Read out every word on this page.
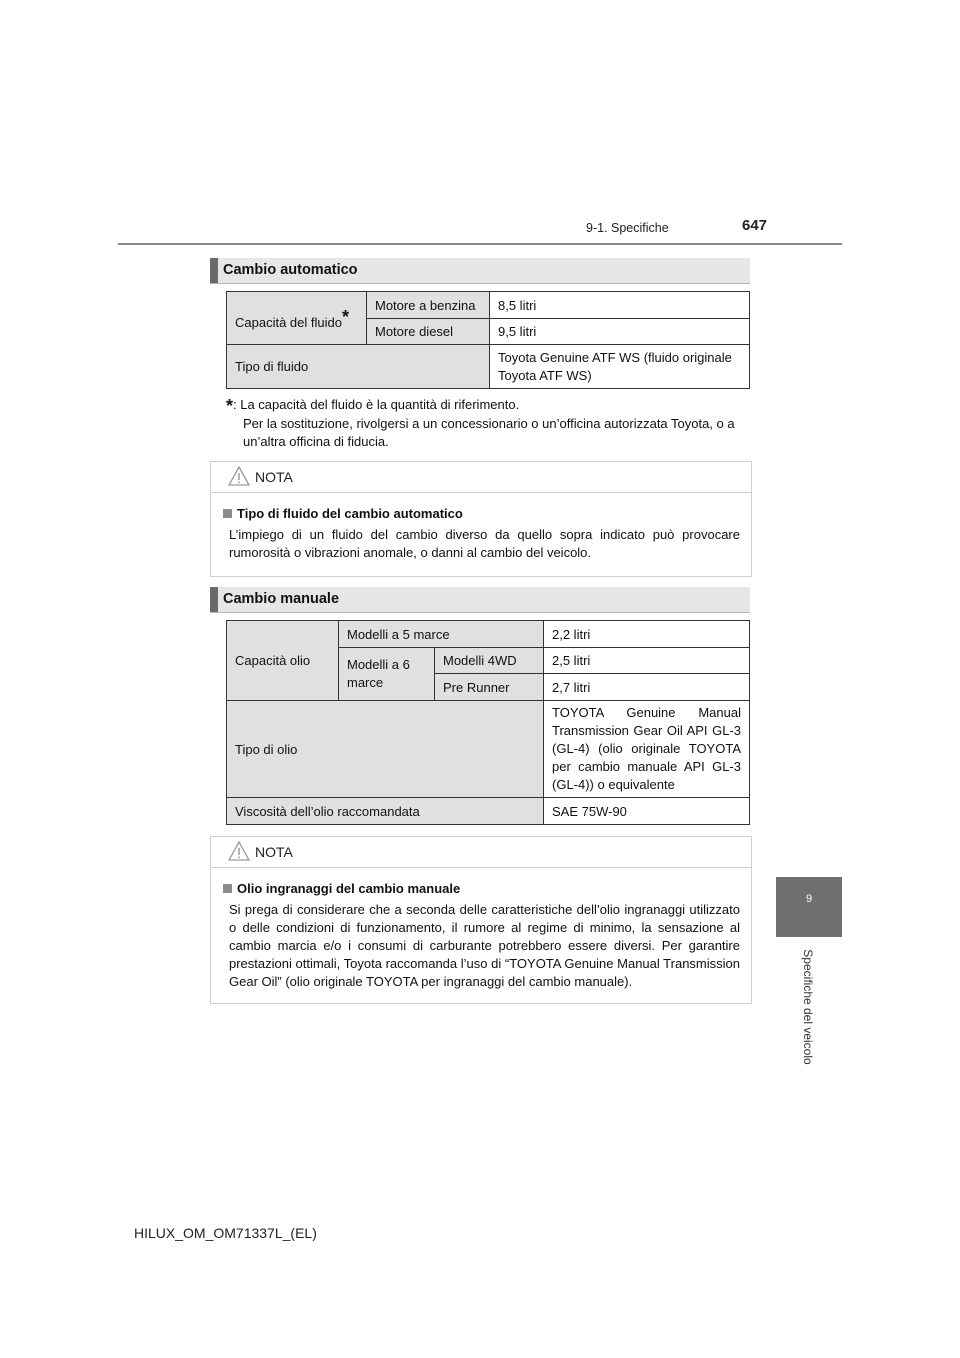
9-1. Specifiche	647
9
Specifiche del veicolo
Cambio automatico
Capacità del fluido*	Motore a benzina	8,5 litri
	Motore diesel	9,5 litri
Tipo di fluido		Toyota Genuine ATF WS (fluido originale Toyota ATF WS)
*: La capacità del fluido è la quantità di riferimento.
Per la sostituzione, rivolgersi a un concessionario o un’officina autorizzata Toyota, o a un’altra officina di fiducia.
NOTA
Tipo di fluido del cambio automatico
L’impiego di un fluido del cambio diverso da quello sopra indicato può provocare rumorosità o vibrazioni anomale, o danni al cambio del veicolo.
Cambio manuale
Capacità olio	Modelli a 5 marce		2,2 litri
	Modelli a 6 marce	Modelli 4WD	2,5 litri
		Pre Runner	2,7 litri
Tipo di olio			TOYOTA Genuine Manual Transmission Gear Oil API GL-3 (GL-4) (olio originale TOYOTA per cambio manuale API GL-3 (GL-4)) o equivalente
Viscosità dell’olio raccomandata			SAE 75W-90
NOTA
Olio ingranaggi del cambio manuale
Si prega di considerare che a seconda delle caratteristiche dell’olio ingranaggi utilizzato o delle condizioni di funzionamento, il rumore al regime di minimo, la sensazione al cambio marcia e/o i consumi di carburante potrebbero essere diversi. Per garantire prestazioni ottimali, Toyota raccomanda l’uso di “TOYOTA Genuine Manual Transmission Gear Oil” (olio originale TOYOTA per ingranaggi del cambio manuale).
HILUX_OM_OM71337L_(EL)
